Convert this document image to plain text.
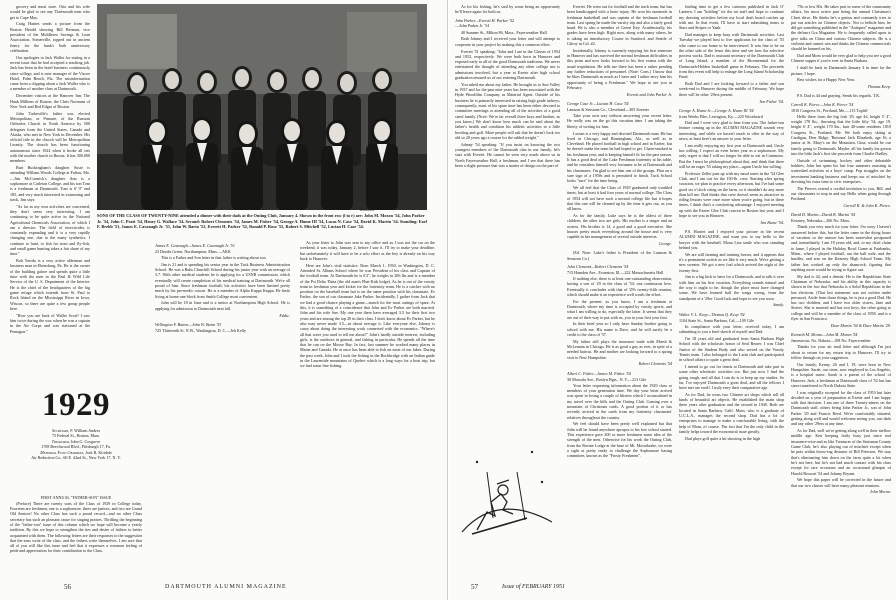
grocery and meat store. Otto and his wife would be glad to see any 'Dartmouth men who get to Cape May.

Craig Haines sends a picture from the Boston Herald showing Bill Berman, vice president of the Middlesex Savings & Loan Association, Somerville, topped out in ancient finery for the bank's 6oth anniversary celebration.

Our apologies to Jack Waller for stating in a recent issue that he had accepted a teaching job. Jack has been in the hotel business continuously since college, and is now manager of the Viscoe Hotel, Palm Beach, Fla. The misinformation came from a clipping about a Jack Waller who is a member of another class at Dartmouth.

December visitors at the Hanover Inn: The Hank Milliens of Boston, the Chris Normans of New York and Red Edgar of Boston.

John Turbeville's father was elected Metropolitan, or Primate, of the Russian Orthodox Church in North America by 500 delegates from the United States, Canada and Alaska, who met in New York in December. His official title in the church will be Metropolitan Leontiy. The church has been functioning autonomous since 1924 when it broke all ties with the mother church in Russia. It has 300,000 members.

Burt Buckingham's daughter Susie is attending William Woods College at Fulton, Mo.—Jim McCormick's daughter Ann is a sophomore at Carleton College, and his son Tom is a freshman at Dartmouth. Tom is 6' 9" and 185, and very much interested in swimming and track, Jim says:

"As far as my own activities are concerned, they don't seem very interesting. I am continuing to be quite active in the National Agricultural Chemicals Association, of which I am a director. The field of insecticides is constantly expanding and it is a very rapidly changing one, due to the many synthetics. I continue to hunt, to fish for trout and fly-fish, and small game hunting takes a fair share of my time."

Bob Yawda is a very active alderman and business man in Ebensburg, Pa. He is the owner of the building galore and spends quite a little time with the men in the Paul & Wild Life Service of the U. S. Department of the Interior. He is the chief of the headquarters of the big game refuge which extends from St. Paul to Rock Island on the Mississippi River in Iowa, Wiscon, so there are quite a few group people here.

"How you are back of Waller Scott? I saw him twice during the war, when he was a captain in the Air Corps and was stationed at the Pentagon."

Bouchard
SONS OF THE CLASS OF TWENTY-NINE attended a dinner with their dads at the Outing Club, January 4. Shown in the front row (l to r) are: John M. Moran '54, John Parker Jr. '54, John C. Pratt '54, Henry G. Wallace '54. Second: Robert Clements '54, James M. Fisher '54, George A. Hume III '54, Lucas N. Case '54, David K. Martin '54. Standing: Earl F. Brebb '51, James E. Cavanagh Jr. '51, John W. Barta '52, Everett H. Parker '52, Ronald P. Rose '52, Robert S. Mitchell '52, Lucian H. Case '54.
1929
Secretary, F. William Andres
75 Federal St., Boston, Mass.
Treasurer, John G. Cosgrove
1708 Beechwood Blvd., Pittsburgh 17, Pa.
Memorial Fund Chairman, Jack R. Kirtdale
Air Reduction Co., 60 E. 42nd St., New York 17, N. Y.

FIRST ANNUAL "FATHER-SON" ISSUE

(Preface) There are twenty sons of the Class of 1929 in College today. Fourteen are freshmen, one is a sophomore, three are juniors, and two are Grand Old Seniors! No other Class has such a proud record—and no other Class secretary has such an pleasant cause for singing praises. Thrilling the beginning of the "father-son" issue of this column which we hope will become a yearly tradition. By this we hope to strengthen the ties and desire of fathers to better acquainted with them. The following letters are their responses to the suggestion that the sons write of the class, and the fathers write themselves. I am sure that all of you will like this issue and feel that it expresses a common feeling of pride and appreciation for their contribution to the Class.

James E. Cavanagh—James E. Cavanagh Jr. '51

23 Drudis Green, Northampton, Mass.—AKK

This is a Father and Son letter in that father is writing about son.

Jim is 21 and is spending his senior year in the Tuck Business Administration School. He was a Ruhs Churchill School during his junior year with an average of 3.7. With other medical students he is applying for a USNR commission, which eventually will create completion of his medical training at Dartmouth. We're all proud of him. Since freshman football, his activities have been limited pretty much by his pre-medic course. He is a member of Alpha Kappa Kappa. He finds living at home one block from Smith College most convenient.

John will be 18 in June and is a senior at Northampton High School. He is applying for admission to Dartmouth next fall.

Eddie.

Wellington F. Batten—John W. Barta '53

725 Thirteenth St. N.W., Washington, D. C.—Jeh Kelly

As your letter to John was sent to my office and as I was not the car on the weekend, it was today, January 2, before I saw it. I'll try to make your deadline, but unfortunately it will have to be a solo effort as the boy is already on his way back to Hanover.

Here are John's vital statistics: Born March 1, 1930, in Washington, D. C. Attended St. Albans School where he was President of his class and Captain of the football team. At Dartmouth he is 6'2", he weighs in 206 lbs and is a member of the Psi Delta Theta (the old man's Phat-Kirk lodge). As he is out of the varsity team in freshman year and kicker for the fraternity team. He is a catcher with no position on the baseball team but is on the same position with his classmate, Ev Parker, the son of our classmate Jake Parker. Incidentally, I gather from Jack that we had a good chance playing a game—match for the most outings of spare. At this, it is something of a coincidence that John and Ev Parker are both married. John and his wife Sue. My one year there have averaged 3.5 for their first two years and are among the top 20 in their class. I don't know about Ev Parker, but he also may never made 3.5—in about average it. Like everyone else, Johnny is crazy about doing the interesting work connected with the economics. "Where's all that wave you used to tell me about?" John's hardly outside interest, including girls, is the outdoors in general, and fishing in particular. He spends all the time that he can on the Moose Bay. In fact, last summer he worked many places in Maine and Canada. He at once has been able to fish on most of our lakes. During the past week, John and I took the fishing in the Rockbridge with an Indian guide in the Laurentide mountains of Quebec which is a long ways for a boat trip, but we had some fine fishing.

56	DARTMOUTH ALUMNI MAGAZINE

As for his fishing, he's said by some being an opportunity he'll leave again for both us.

John Parker—Everett H. Parker '52

—John Parker Jr. '54

40 Sumner St., Milton 86, Mass., Fayerweather Hall

Both Johnny and I received your letter and will attempt to cooperate in your project by making this a common effort.

Everett '51 speaking: "John and I are in the Classes of 1954 and 1952, respectively. We were both born in Hanover and exposed early to all of the good Dartmouth traditions. We never entertained the thought of attending any other college nor is admissions involved, but a year at Exeter after high school graduation ensured us of our entering Dartmouth.

You asked me about my father. He brought us to Sun Valley in 1937 and for the past nine years has been associated with the Hyde Woodfilm Company as Material Agent. Outside of his business he is primarily interested in raising high grade turkeys; consequently, most of his spare time has been either devoted to committee meetings or attending all of the activities of a good sized family. (Note: We're far overall three boys and brother, as you know.) We don't know how much can be said about the father's health and condition his athletic activities to a little bowling and golf. More people will ask that he doesn't look too old so 20 years ago a course for the added weight."

Johnny '54 speaking: "If you insist on knowing the two youngest members of the Dartmouth clan in our family, let's start with Everett. He cannot be seen very much above us in North Fayerweather Hall, a freshman, and I see that there has been a slight pressure that was a matter of design on the part of

Everett. He went out for football and the track team, but has been handicapped with a knee injury. He won his numerals in freshman basketball and was captain of the freshman football team. Last spring he made the varsity trip and also a fairly good hand. He is also a member of Green Key. Academically, his grades have been high. Right now, along with many others, he is taking an introductory Course in Stanford, and Seattle of Gilroy in Cal. #2.

Incidentally, Johnny is currently enjoying his first semester in Hanover and has survived the normal freshman difficulties in this point and now looks forward to his first exams with the usual trepidation. He tells me there has been a rather pending any further reductions of personnel. (Note: Cons.) I know that he likes Dartmouth as much as I have and I rather envy him his opportunity of being a Freshman." We hope to see you in February.

Everett and John Parker Jr.

George Case Jr.—Lucian H. Case '54

Lamson & Sessions Co., Cleveland—305 Streeter

Take your own way without answering your recent letter. He really was on the go this vacation time. I am taking the liberty of writing for him.

Lucian is a very happy and devoted Dartmouth man. He has lived in Chicago, and Birmingham, Ala., as well as in Cleveland. He placed football in high school and in Exeter, but he doesn't make the team he had hoped to get. Chain-smoked in his freshman year, and is keeping himself fit for the past season. It has a good deal of the Lake Freshman fraternity at his table, and he considers himself very fortunate to be at Dartmouth and his classmates. I'm glad to see him one of the groups. Plan on a sure sign of a 1950s and is permitted to finish. Tuck School looks "sure" for the time being.

We all feel that the Class of 1929 graduated only troubled times, but at least it had four years of normal college. The Class of 1954 will not have such a normal college life but it hopes that this one will be cleaned up by the time it gets out, as you all know.

As for the family, Luke says he is the oldest of three children, the other two are girls. His mother is a singer and an actress. His brother is 14, a good and a good executive. She houses pretty much everything around the house and is very capable in her management of several outside interests.

George.

(Ed. Note: Luke's father is President of the Lamson & Sessions Co.)

John Clements—Robert Clements '54

715 Hamden Ave., Evanston, Ill.—222 Massachusetts Hall

If nothing else, there is at least one outstanding observation, having a son of '29 in the class of '54: one continuous love. Eventually it concludes with that of '29's twenty-fifth reunion, which should make it an experience well worth the effort.

For the present: as you know, I am a freshman at Dartmouth, where my time is occupied by varsity sports, and what I am willing to do, especially the latter. It seems that they are out of their way to put with us, you in your first year first.

In their brief year so I only have Sunday brother going to school with me. His name is Dave, and he will surely be a credit to the class of '57.

My father still plays the insurance trade with Marsh & McLennan in Chicago. He is as good a guy as ever, in spite of a needed haircut. He and mother are looking forward to a spring visit to New Hampshire.

Robert Clements '54

Albert C. Fisher—James M. Fisher '54

30 Mossala Ave., Roslyn Hgts., N. Y.—213 Gile

Your letter requesting information about the 1929 class or members of your generation time. We day your letter arrived was spent in losing a couple of blisters which I accumulated in my travel over the hills and the Outing Club. Coming over a mountain of Christmas cards. A good portion of it or has recently arrived in the cards from my fraternity classmates' relatives throughout the country.

We feel should have been pretty well explained but that John will be found anywhere apropos to his low school started. This experience gave 200 or more freshmen some idea of the strength of the men. Otherwise for his work the Outing Club, from the Ravine Lodge at the base of Mt. Moosilauke, we were a sight at pretty ready to challenge the Sophomore basing committee, known as the "Frosty Freshmen".

finding time to get a few cartoons published in Jack O' Lantern. I am "holding" for the art staff and hope to continue my drawing activities before my local draft board catches up with me. In that event, I'll have to start submitting items to Stars and Stripes or Yank.

Dad manages to keep busy with Dartmouth activities. Last Tuesday we played host to five applicants for the class of '55 who came to our home to be interviewed. It was fine to be on the other side of the fence this time and see how the selective process works. Dad is assistant secretary of the Dartmouth Club of Long Island, a member of the Bicentennial for the Dartmouth-Holden basketball game in February. The proceeds from this event will help to enlarge the Long Island Scholarship Fund.

Both Dad and I are looking forward to a father and son week-end in Hanover during the middle of February. We hope there will be other '29ers present.

Jim Fisher '54.

George A. Hume Jr.—George A. Hume III '54

from Weeks Pike, Lexington, Ky.—225 Woodward

Dad and I were very glad to hear from you. The father-son feature coming up in the ALUMNI MAGAZINE sounds very interesting, and while we haven't much to offer in the way of news, at least here's an answer to your letter.

I am really enjoying my first year at Dartmouth and, Uncle has willing. I expect an even better year as a sophomore. My only regret is that I will no longer be able to eat in Commons. But the I must be philosophical about that, and think that there will be an eager '55 taking my place—again Uncle has willing.

Professor Zeller puts up with my nasal tones in the '54 Glee Club, and I am out for the 150-lb. crew. Starting after spring vacation, we plan to practice every afternoon, but I've had some good six o'clock rising on the farm, so it shouldn't do any more than kill me. Dad thinks that crew doesn't seem as attractive as riding lessons were once more when you're going, but in these times, I think that's a comforting advantage. I enjoyed meeting up with the Exeter Glee Club concert in Boston last year, and I hope to see you in Hanover.

Jim Hume '54.

P.S. Harriet and I enjoyed your picture in the recent ALUMNI MAGAZINE, and want you to say hello to the lawyer with the baseball, Mona Lisa smile who was standing behind you.

We are still farming and training horses, and it appears that it's a permanent switch as we like it very much. We're getting a new sweater. We got a new foal which arrived the night of the twenty-first.

Jim is a big kick to have for a Dartmouth, and to talk it over with him on his first vacation. Everything sounds natural and the way it ought to be, though the place must have changed some. We have learned half the songs wrong, from the standpoint of a '29er. Good luck and hope to see you soon.

Sandy.

Walter V. L. Keep—Thomas Q. Keep '54

1104 State St., Santa Barbara, Cal.—109 Gile

In compliance with your letter, received today, I am submitting to you a brief sketch of myself and Dad.

I'm 18 years old and graduated from Santa Barbara High School with the scholastic honor of Seal Bearer. I was Chief Justice of the Student Body and also served on the Varsity Tennis team. I also belonged to the Latin club and participated in school affairs to quite a great deal.

I intend to go out for tennis at Dartmouth and take part in some other scholastic activities too. But just now I find the going rough, and all that I can do is to keep up my studies. So far, I've enjoyed Dartmouth a great deal, and all the fellows I have met are swell. I truly envy their comparative age.

As for Dad, he owns two Chinese art shops which sell all kinds of beautiful art objects. He established the main shop three years after graduation and the second in 1940. Both are located in Santa Barbara, Calif. Mom, who is a graduate of U.C.L.A., manages the second shop. Dad has a lot of enterprises to manage to make a comfortable living, with the help of Mom, of course. The fact that I'm the only child in the family helps toward the economical issue greatly.

Dad plays golf quite a bit shooting in the high

'70s or low 80s. He takes part in some of the community affairs, his most active part being the annual Christmas's Chest drive. He thinks he's a genius and constantly tries to put out articles on Chinese objects. Not to belittle him, he did get something published in the "Antiques" magazine and the defunct Gra Magazine. He is frequently called upon to give talks on China and various Chinese subjects. He is a violinist and cannot win and thinks the Chinese commercials should be banned on his.

Dad and Mom would be very glad to help you see a good Chinese supper if you're ever in Santa Barbara.

I shall be back in Dartmouth January 4 in time for the picture, I hope.

Best wishes for a Happy New Year.

Thomas Keep.

P.S. Dad is 44 and graying. Sends his regards. T.K.

Carroll K. Pierce—John K. Pierce '54

1810 Congress St., Portland, Me.—115 Topliff

Hello there from the big fork '29, age 44, height 5' 4", weight 178 lbs., throwing that the little fifty '54, age 19, height 6' 4", weight 170 lbs., hair 40-some residents 1810 Congress St., Portland, Me. We both enjoy skiing at Cardigan, Deer Ridge, 'Bottoms' Jack Elizabeth, age 16, a junior at St. Mary's on the Mountain, Gina, would be our family going to Dartmouth. Maybe, all his family his grown into the little Jack's first she proceeds from Charlie Dudley.

Outside of swimming, hockey and other debatable hobbies, John has spent his last four summers assisting in watershed activities at a boys' camp. Pop struggles on the investment banking business and keeps our of mischief by devoting his extra time to civic enterprises.

The Pierces extend a cordial invitation to you, Bill, and our classmates to stop in and say Hello when going through Portland.

Carroll K. & John K. Pierce.

David D. Martin—David K. Martin '54

Kearney, Nebraska—206 No. Mass.

Thank you very much for your letter. I'm sorry I haven't answered before this, but the letter came in the dying hours of vacation so the answer has been somewhat postponed and, immediately, I am 18 years old, and, to my chief claim to fame, I played in the Holiday Bowl Game at Fairbanks, Minn., where I played football, ran the half mile, and the hurdles, and was on the Kearney High School Team. My father has worked up only the shamrock, figuring that anything more would be trying to figure out.

My dad is 44, and a dentist. He is the Republican State Chairman of Nebraska, and his ability in this capacity is shown in the fact that Nebraska is a Solid Republican in the last elections. (That last statement was not written under pressure). Aside from those things, he is just a good Dad. He has two children, and I have two older sisters, Jane and Sisters. She is married and has two boys, the other going to college and will be a member of the class of 1958, and is a flyer in San Francisco.

Dave Martin '54 & Dave Martin '29.

Kenneth M. Moran—John M. Moran '54

Jamestown, No. Dakota—108 No. Fayerweather

Thanks for your air mail letter and although I'm just about to return for my return trip to Hanover, I'll try to follow through on your suggestion.

Our family, Kenny, 26 and I, 19, were born in New Hampshire. Sarah, our sister, now employed in Los Angeles, is a hospital nurse. Sarah is a parent of the school of Hanover. Jack, a freshman at Dartmouth class of '52 but has since transferred to North Dakota State.

I was originally accepted for the class of 1953 but later decided on a year of preparation at Exeter and I am happy with that decision. I am one of three Twenty-niners on the Dartmouth staff, others being John Parker Jr., son of John Parker '29 and Francis Reed. We're comfortably situated, getting along well and would welcome seeing you, our dads and any other '29ers at any time.

As for Dad, well we're getting along well in their mellow middle age. Ken keeping fairly busy just since real insurance-wise and as like Treasurer of the Stutsman County Game Club, he's also playing out of mischief except when he puts within throw-ing distance of Bill Peterson. We stay that's eliminating him down on the farm quite a lot when he's not here, but he's not had much contact with his class except for rare occasions and an occasional glimpse of Harold Rexroat '54 and Johnny Bryant.

We hope this paper will be corrected in the future and that our two classes will have many pleasant reunions.

John Moran.

57	Issue of FEBRUARY 1951
